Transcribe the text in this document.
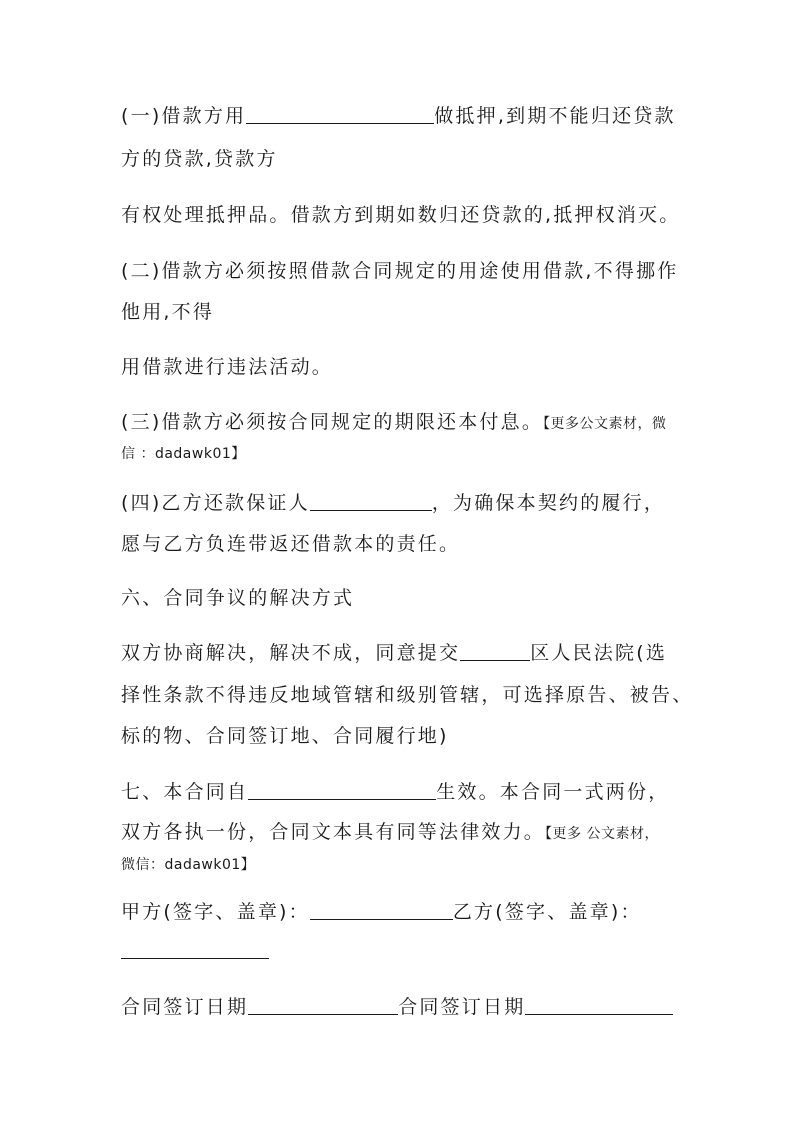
(一)借款方用	做抵押,到期不能归还贷款
方的贷款,贷款方
有权处理抵押品。借款方到期如数归还贷款的,抵押权消灭。
(二)借款方必须按照借款合同规定的用途使用借款,不得挪作
他用,不得
用借款进行违法活动。
(三)借款方必须按合同规定的期限还本付息。【更多公文素材，微
信 ：dadawk01】
(四)乙方还款保证人	，为确保本契约的履行，
愿与乙方负连带返还借款本的责任。
六、合同争议的解决方式
双方协商解决，解决不成，同意提交	区人民法院(选
择性条款不得违反地域管辖和级别管辖，可选择原告、被告、
标的物、合同签订地、合同履行地)
七、本合同自	生效。本合同一式两份，
双方各执一份，合同文本具有同等法律效力。【更多 公文素材，
微信：dadawk01】
甲方(签字、盖章)：	乙方(签字、盖章)：
合同签订日期	合同签订日期
